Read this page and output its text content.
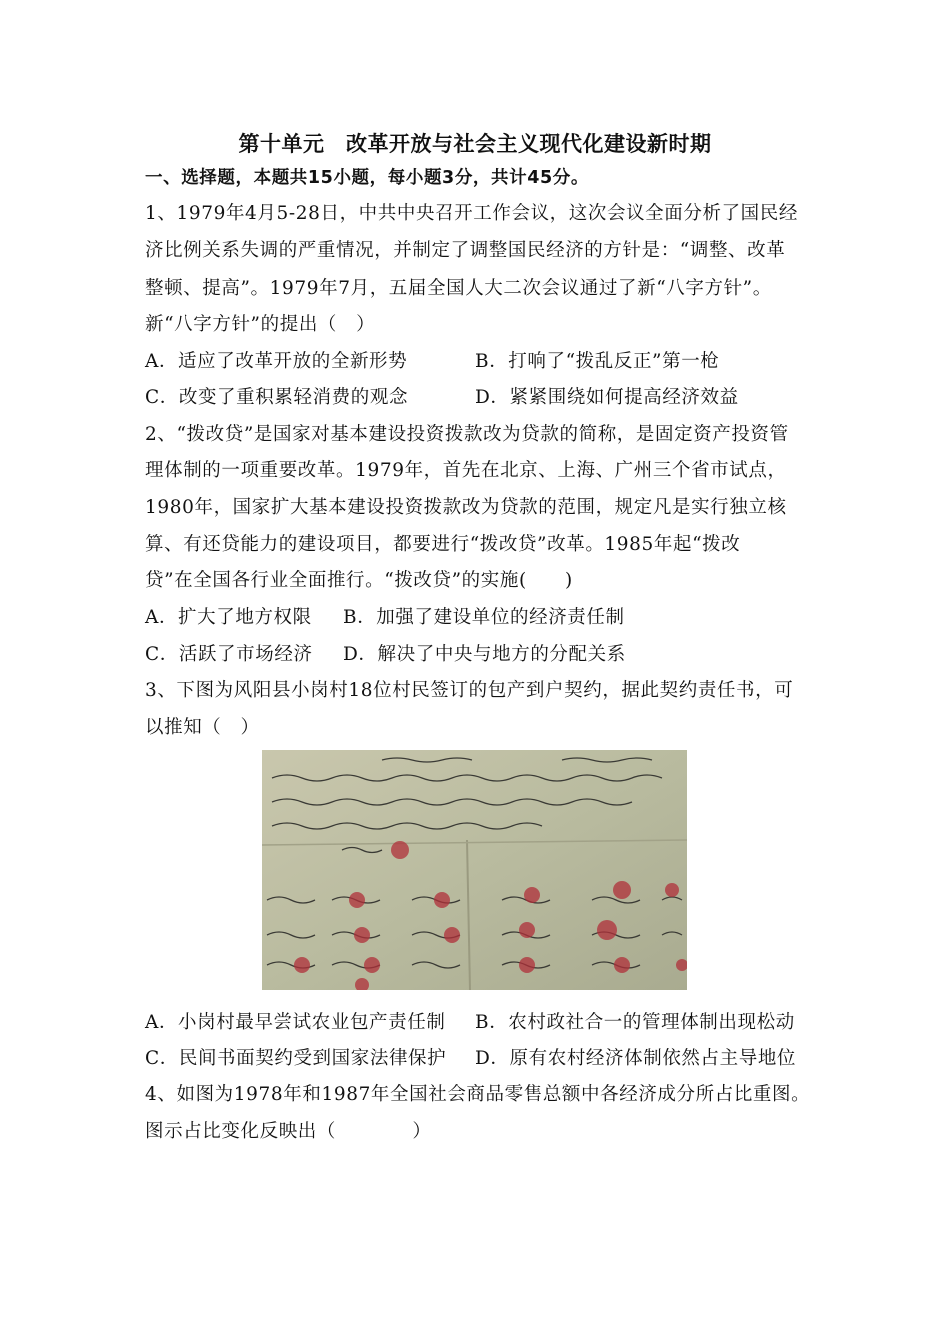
第十单元　改革开放与社会主义现代化建设新时期
一、选择题，本题共15小题，每小题3分，共计45分。
1、1979年4月5-28日，中共中央召开工作会议，这次会议全面分析了国民经
济比例关系失调的严重情况，并制定了调整国民经济的方针是：“调整、改革
整顿、提高”。1979年7月，五届全国人大二次会议通过了新“八字方针”。
新“八字方针”的提出（　）
A．适应了改革开放的全新形势	B．打响了“拨乱反正”第一枪
C．改变了重积累轻消费的观念	D．紧紧围绕如何提高经济效益
2、“拨改贷”是国家对基本建设投资拨款改为贷款的简称，是固定资产投资管
理体制的一项重要改革。1979年，首先在北京、上海、广州三个省市试点，
1980年，国家扩大基本建设投资拨款改为贷款的范围，规定凡是实行独立核
算、有还贷能力的建设项目，都要进行“拨改贷”改革。1985年起“拨改
贷”在全国各行业全面推行。“拨改贷”的实施(　　)
A．扩大了地方权限 B．加强了建设单位的经济责任制
C．活跃了市场经济 D．解决了中央与地方的分配关系
3、下图为风阳县小岗村18位村民签订的包产到户契约，据此契约责任书，可
以推知（　）
A．小岗村最早尝试农业包产责任制 B．农村政社合一的管理体制出现松动
C．民间书面契约受到国家法律保护 D．原有农村经济体制依然占主导地位
4、如图为1978年和1987年全国社会商品零售总额中各经济成分所占比重图。
图示占比变化反映出（　　　　）
